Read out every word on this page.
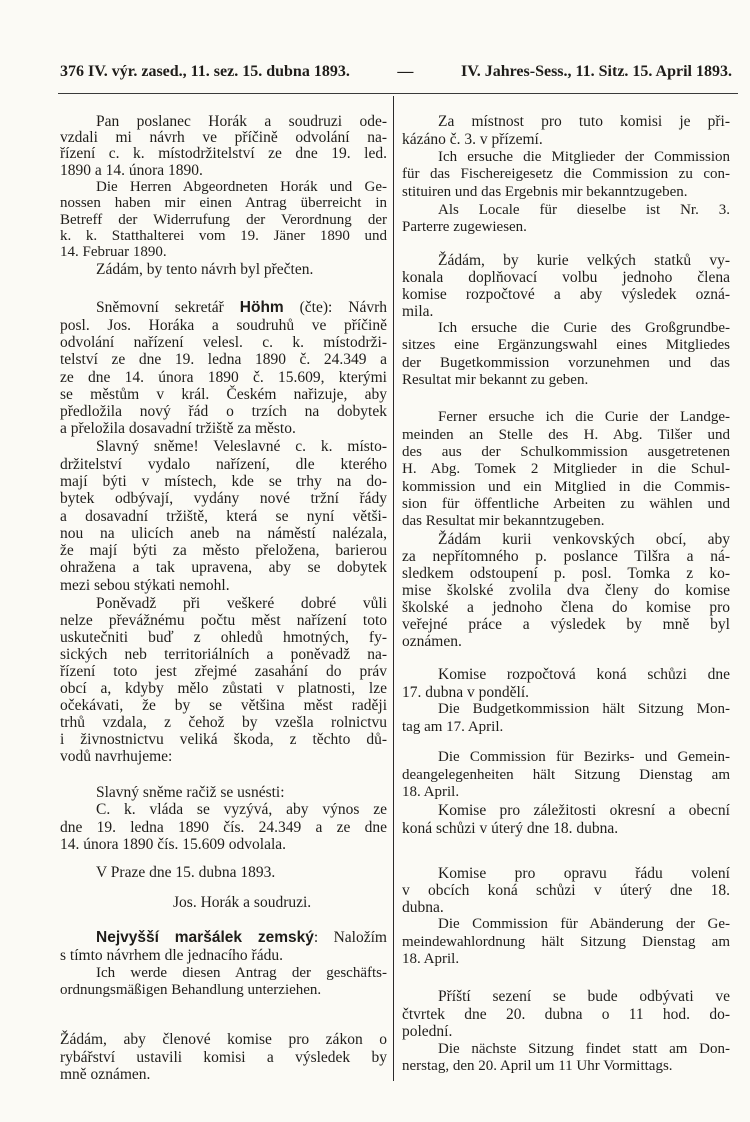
376 IV. výr. zased., 11. sez. 15. dubna 1893.	—	IV. Jahres-Sess., 11. Sitz. 15. April 1893.
Pan poslanec Horák a soudruzi ode-
vzdali mi návrh ve příčině odvolání na-
řízení c. k. místodržitelství ze dne 19. led.
1890 a 14. února 1890.
Die Herren Abgeordneten Horák und Ge-
nossen haben mir einen Antrag überreicht in
Betreff der Widerrufung der Verordnung der
k. k. Statthalterei vom 19. Jäner 1890 und
14. Februar 1890.
Zádám, by tento návrh byl přečten.
Sněmovní sekretář Höhm (čte): Návrh
posl. Jos. Horáka a soudruhů ve příčině
odvolání nařízení velesl. c. k. místodrži-
telství ze dne 19. ledna 1890 č. 24.349 a
ze dne 14. února 1890 č. 15.609, kterými
se městům v král. Českém nařizuje, aby
předložila nový řád o trzích na dobytek
a přeložila dosavadní tržiště za město.
Slavný sněme! Veleslavné c. k. místo-
držitelství vydalo nařízení, dle kterého
mají býti v místech, kde se trhy na do-
bytek odbývají, vydány nové tržní řády
a dosavadní tržiště, která se nyní větši-
nou na ulicích aneb na náměstí nalézala,
že mají býti za město přeložena, barierou
ohražena a tak upravena, aby se dobytek
mezi sebou stýkati nemohl.
Poněvadž při veškeré dobré vůli
nelze převážnému počtu měst nařízení toto
uskutečniti buď z ohledů hmotných, fy-
sických neb territoriálních a poněvadž na-
řízení toto jest zřejmé zasahání do práv
obcí a, kdyby mělo zůstati v platnosti, lze
očekávati, že by se většina měst raději
trhů vzdala, z čehož by vzešla rolnictvu
i živnostnictvu veliká škoda, z těchto dů-
vodů navrhujeme:
Slavný sněme račiž se usnésti:
C. k. vláda se vyzývá, aby výnos ze
dne 19. ledna 1890 čís. 24.349 a ze dne
14. února 1890 čís. 15.609 odvolala.
V Praze dne 15. dubna 1893.
Jos. Horák a soudruzi.
Nejvyšší maršálek zemský: Naložím
s tímto návrhem dle jednacího řádu.
Ich werde diesen Antrag der geschäfts-
ordnungsmäßigen Behandlung unterziehen.
Žádám, aby členové komise pro zákon o
rybářství ustavili komisi a výsledek by
mně oznámen.
Za místnost pro tuto komisi je při-
kázáno č. 3. v přízemí.
Ich ersuche die Mitglieder der Commission
für das Fischereigesetz die Commission zu con-
stituiren und das Ergebnis mir bekanntzugeben.
Als Locale für dieselbe ist Nr. 3.
Parterre zugewiesen.
Žádám, by kurie velkých statků vy-
konala doplňovací volbu jednoho člena
komise rozpočtové a aby výsledek ozná-
mila.
Ich ersuche die Curie des Großgrundbe-
sitzes eine Ergänzungswahl eines Mitgliedes
der Bugetkommission vorzunehmen und das
Resultat mir bekannt zu geben.
Ferner ersuche ich die Curie der Landge-
meinden an Stelle des H. Abg. Tilšer und
des aus der Schulkommission ausgetretenen
H. Abg. Tomek 2 Mitglieder in die Schul-
kommission und ein Mitglied in die Commis-
sion für öffentliche Arbeiten zu wählen und
das Resultat mir bekanntzugeben.
Žádám kurii venkovských obcí, aby
za nepřítomného p. poslance Tilšra a ná-
sledkem odstoupení p. posl. Tomka z ko-
mise školské zvolila dva členy do komise
školské a jednoho člena do komise pro
veřejné práce a výsledek by mně byl
oznámen.
Komise rozpočtová koná schůzi dne
17. dubna v pondělí.
Die Budgetkommission hält Sitzung Mon-
tag am 17. April.
Die Commission für Bezirks- und Gemein-
deangelegenheiten hält Sitzung Dienstag am
18. April.
Komise pro záležitosti okresní a obecní
koná schůzi v úterý dne 18. dubna.
Komise pro opravu řádu volení
v obcích koná schůzi v úterý dne 18.
dubna.
Die Commission für Abänderung der Ge-
meindewahlordnung hält Sitzung Dienstag am
18. April.
Příští sezení se bude odbývati ve
čtvrtek dne 20. dubna o 11 hod. do-
polední.
Die nächste Sitzung findet statt am Don-
nerstag, den 20. April um 11 Uhr Vormittags.
